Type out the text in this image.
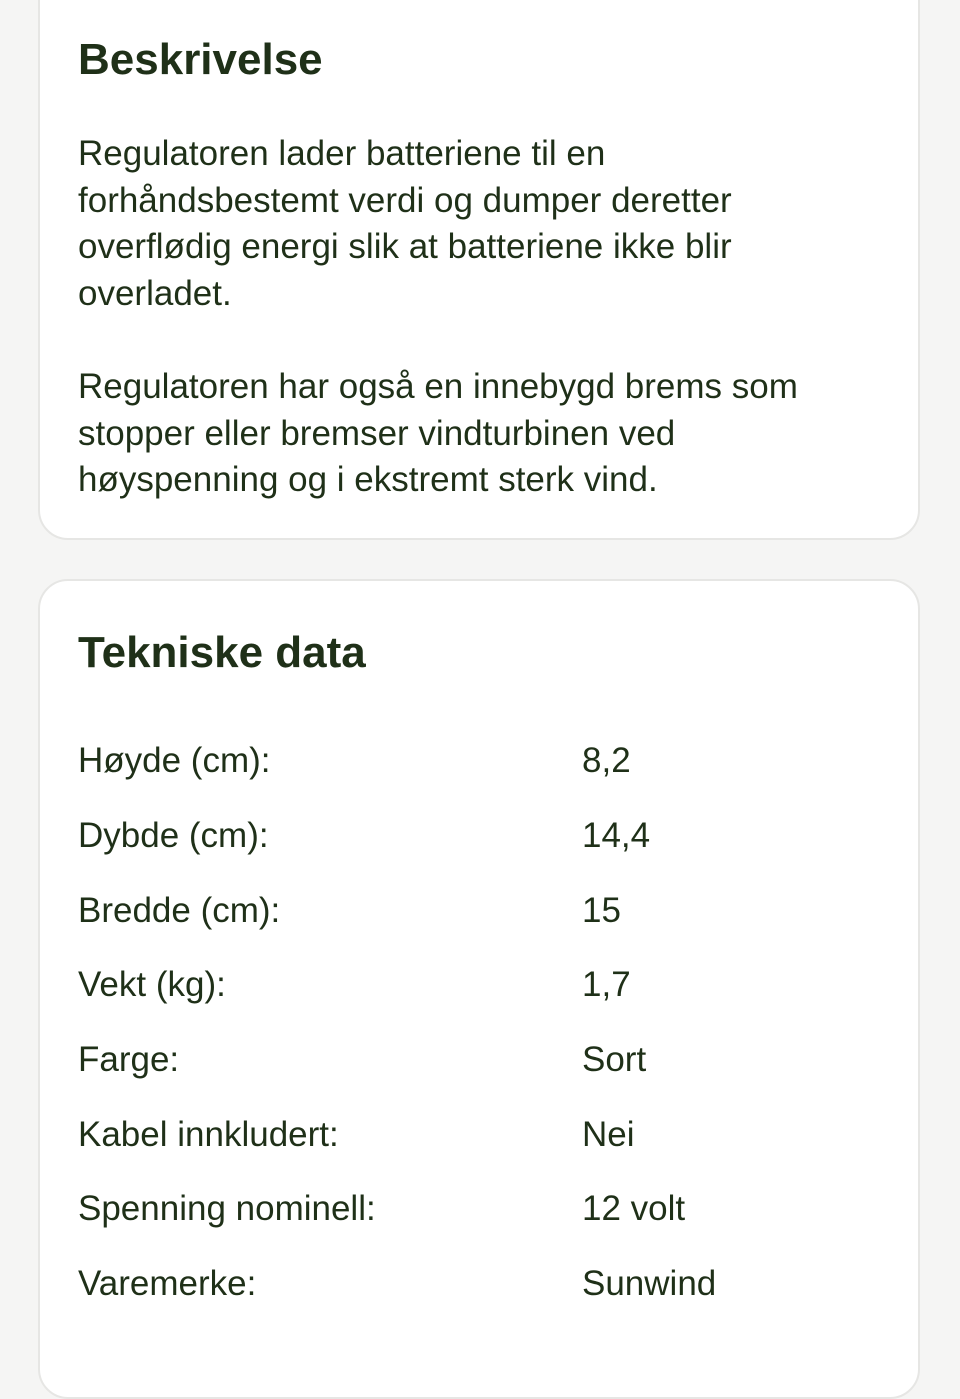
Beskrivelse

Regulatoren lader batteriene til en forhåndsbestemt verdi og dumper deretter overflødig energi slik at batteriene ikke blir overladet.

Regulatoren har også en innebygd brems som stopper eller bremser vindturbinen ved høyspenning og i ekstremt sterk vind.

Tekniske data
Høyde (cm):	8,2
Dybde (cm):	14,4
Bredde (cm):	15
Vekt (kg):	1,7
Farge:	Sort
Kabel innkludert:	Nei
Spenning nominell:	12 volt
Varemerke:	Sunwind
